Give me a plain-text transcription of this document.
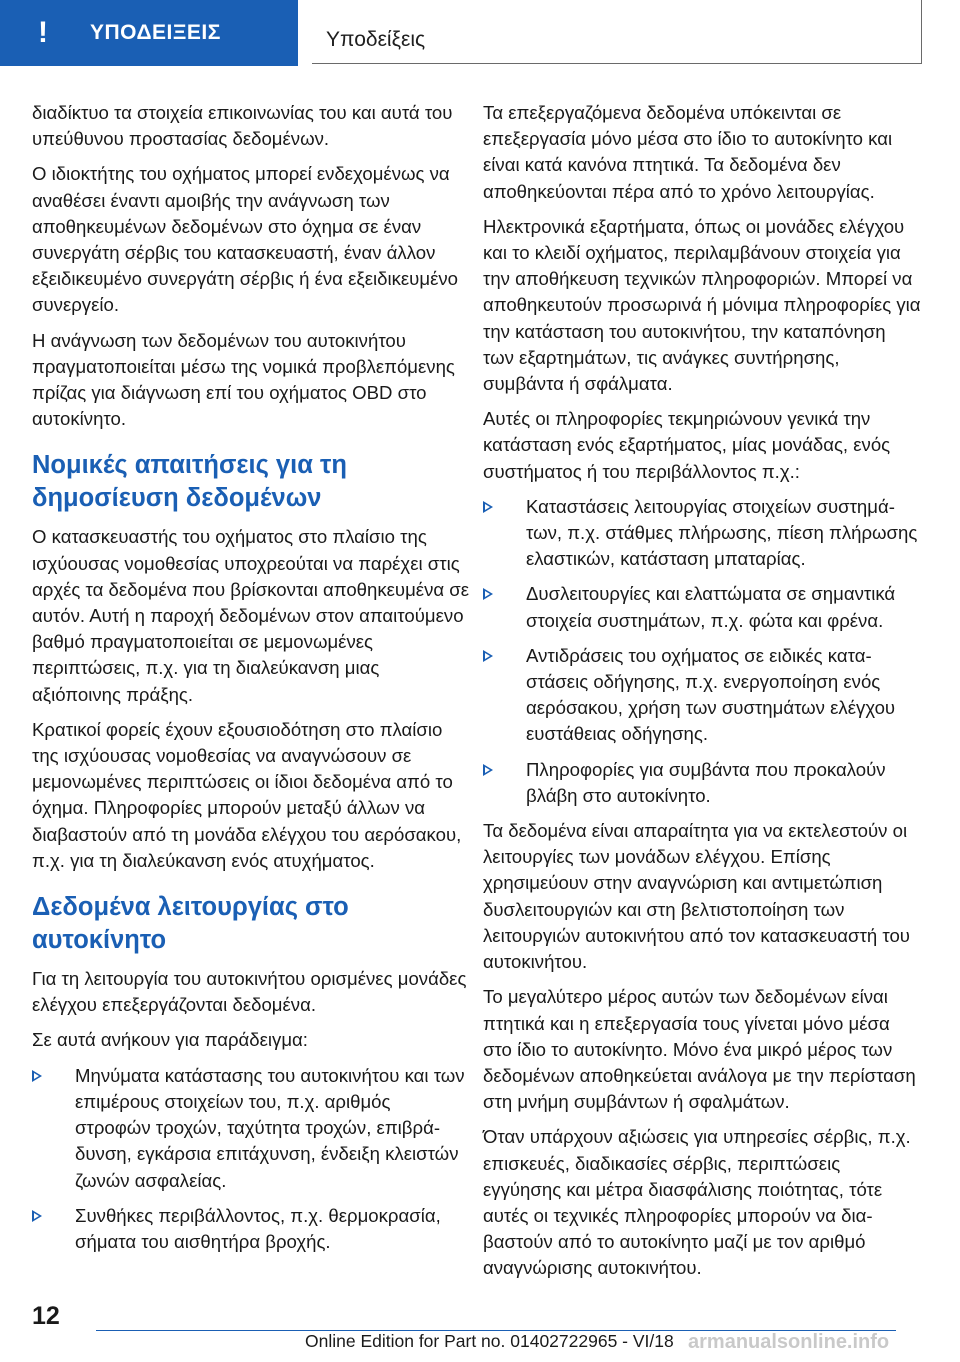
!	ΥΠΟΔΕΙΞΕΙΣ	Υποδείξεις

διαδίκτυο τα στοιχεία επικοινωνίας του και αυτά του υπεύθυνου προστασίας δεδομένων.

Ο ιδιοκτήτης του οχήματος μπορεί ενδεχομένως να αναθέσει έναντι αμοιβής την ανάγνωση των αποθηκευμένων δεδομένων στο όχημα σε έναν συνεργάτη σέρβις του κατασκευαστή, έναν άλλον εξειδικευμένο συνεργάτη σέρβις ή ένα εξειδικευμένο συνεργείο.

Η ανάγνωση των δεδομένων του αυτοκινήτου πραγματοποιείται μέσω της νομικά προβλεπόμενης πρίζας για διάγνωση επί του οχήματος OBD στο αυτοκίνητο.

Νομικές απαιτήσεις για τη δημοσίευση δεδομένων

Ο κατασκευαστής του οχήματος στο πλαίσιο της ισχύουσας νομοθεσίας υποχρεούται να παρέχει στις αρχές τα δεδομένα που βρίσκονται αποθηκευμένα σε αυτόν. Αυτή η παροχή δεδομένων στον απαιτούμενο βαθμό πραγματοποιείται σε μεμονωμένες περιπτώσεις, π.χ. για τη διαλεύκανση μιας αξιόποινης πράξης.

Κρατικοί φορείς έχουν εξουσιοδότηση στο πλαίσιο της ισχύουσας νομοθεσίας να αναγνώσουν σε μεμονωμένες περιπτώσεις οι ίδιοι δεδομένα από το όχημα. Πληροφορίες μπορούν μεταξύ άλλων να διαβαστούν από τη μονάδα ελέγχου του αερόσακου, π.χ. για τη διαλεύκανση ενός ατυχήματος.

Δεδομένα λειτουργίας στο αυτοκίνητο

Για τη λειτουργία του αυτοκινήτου ορισμένες μονάδες ελέγχου επεξεργάζονται δεδομένα.

Σε αυτά ανήκουν για παράδειγμα:

Μηνύματα κατάστασης του αυτοκινήτου και των επιμέρους στοιχείων του, π.χ. αριθμός στροφών τροχών, ταχύτητα τροχών, επιβράδυνση, εγκάρσια επιτάχυνση, ένδειξη κλειστών ζωνών ασφαλείας.
Συνθήκες περιβάλλοντος, π.χ. θερμοκρασία, σήματα του αισθητήρα βροχής.

Τα επεξεργαζόμενα δεδομένα υπόκεινται σε επεξεργασία μόνο μέσα στο ίδιο το αυτοκίνητο και είναι κατά κανόνα πτητικά. Τα δεδομένα δεν αποθηκεύονται πέρα από το χρόνο λειτουργίας.

Ηλεκτρονικά εξαρτήματα, όπως οι μονάδες ελέγχου και το κλειδί οχήματος, περιλαμβάνουν στοιχεία για την αποθήκευση τεχνικών πληροφοριών. Μπορεί να αποθηκευτούν προσωρινά ή μόνιμα πληροφορίες για την κατάσταση του αυτοκινήτου, την καταπόνηση των εξαρτημάτων, τις ανάγκες συντήρησης, συμβάντα ή σφάλματα.

Αυτές οι πληροφορίες τεκμηριώνουν γενικά την κατάσταση ενός εξαρτήματος, μίας μονάδας, ενός συστήματος ή του περιβάλλοντος π.χ.:

Καταστάσεις λειτουργίας στοιχείων συστημάτων, π.χ. στάθμες πλήρωσης, πίεση πλήρωσης ελαστικών, κατάσταση μπαταρίας.
Δυσλειτουργίες και ελαττώματα σε σημαντικά στοιχεία συστημάτων, π.χ. φώτα και φρένα.
Αντιδράσεις του οχήματος σε ειδικές καταστάσεις οδήγησης, π.χ. ενεργοποίηση ενός αερόσακου, χρήση των συστημάτων ελέγχου ευστάθειας οδήγησης.
Πληροφορίες για συμβάντα που προκαλούν βλάβη στο αυτοκίνητο.

Τα δεδομένα είναι απαραίτητα για να εκτελεστούν οι λειτουργίες των μονάδων ελέγχου. Επίσης χρησιμεύουν στην αναγνώριση και αντιμετώπιση δυσλειτουργιών και στη βελτιστοποίηση των λειτουργιών αυτοκινήτου από τον κατασκευαστή του αυτοκινήτου.

Το μεγαλύτερο μέρος αυτών των δεδομένων είναι πτητικά και η επεξεργασία τους γίνεται μόνο μέσα στο ίδιο το αυτοκίνητο. Μόνο ένα μικρό μέρος των δεδομένων αποθηκεύεται ανάλογα με την περίσταση στη μνήμη συμβάντων ή σφαλμάτων.

Όταν υπάρχουν αξιώσεις για υπηρεσίες σέρβις, π.χ. επισκευές, διαδικασίες σέρβις, περιπτώσεις εγγύησης και μέτρα διασφάλισης ποιότητας, τότε αυτές οι τεχνικές πληροφορίες μπορούν να διαβαστούν από το αυτοκίνητο μαζί με τον αριθμό αναγνώρισης αυτοκινήτου.

12
Online Edition for Part no. 01402722965 - VI/18 armanualsonline.info
